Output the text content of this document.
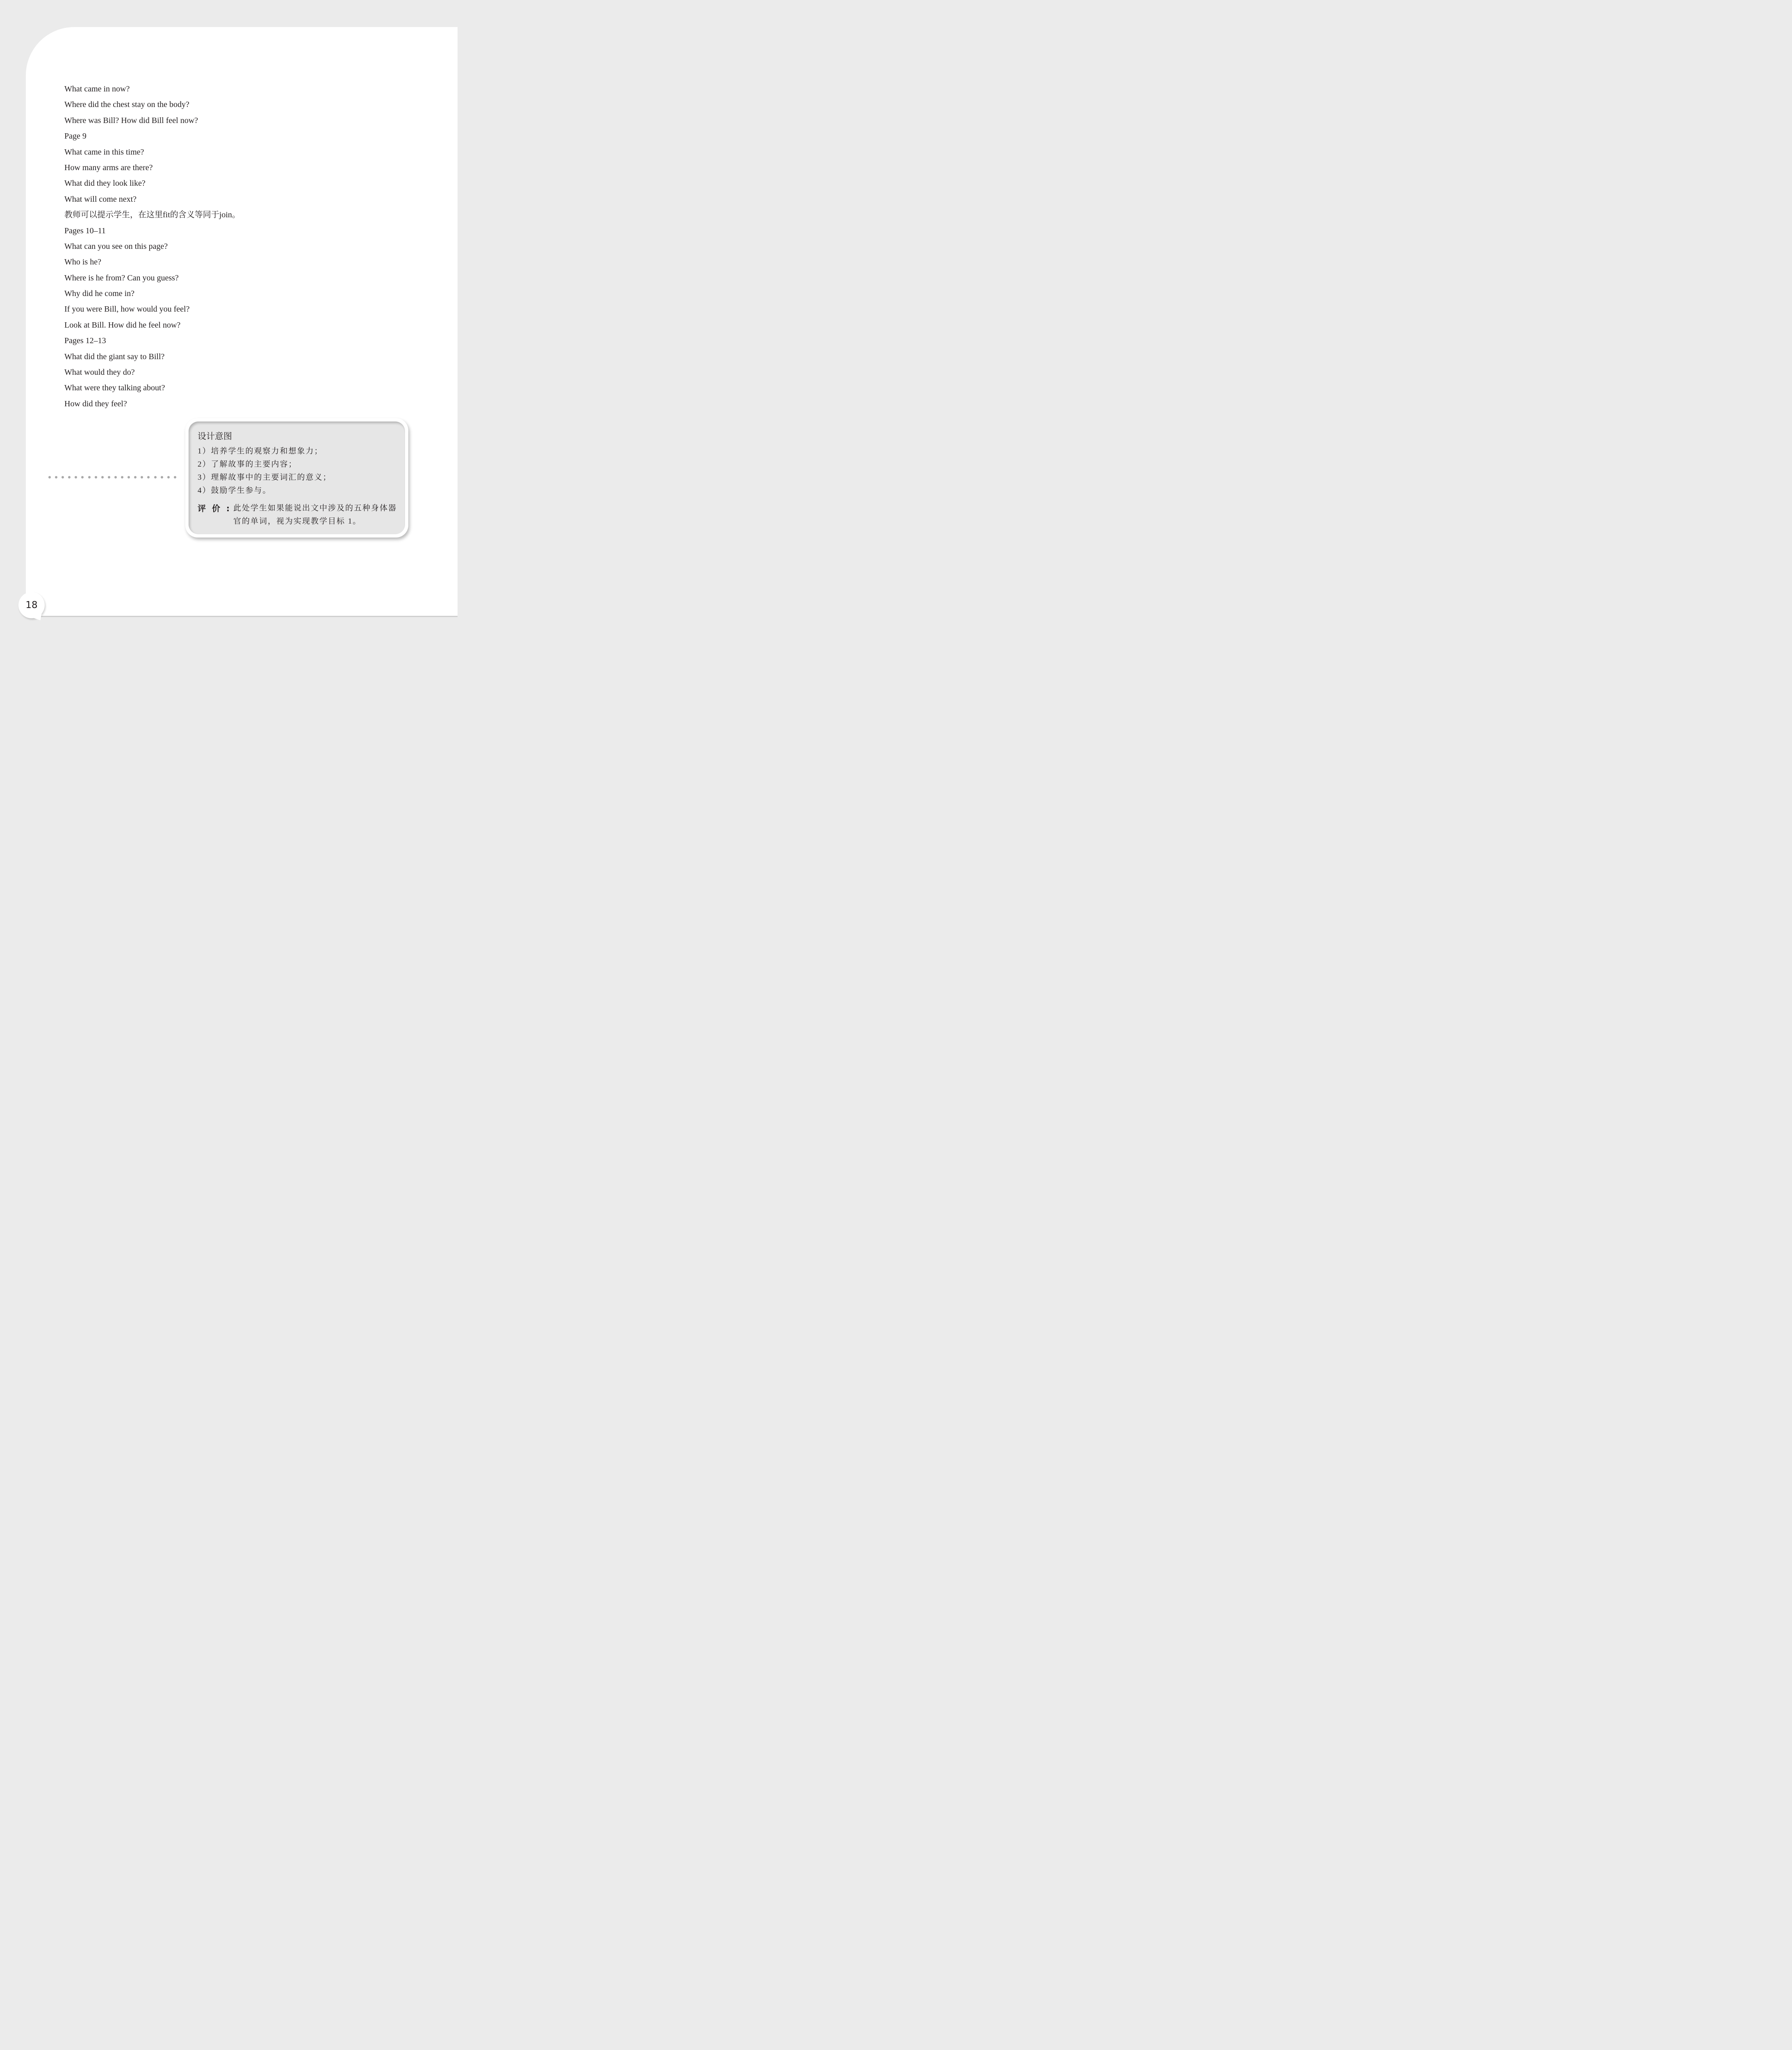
What came in now?
Where did the chest stay on the body?
Where was Bill? How did Bill feel now?
Page 9
What came in this time?
How many arms are there?
What did they look like?
What will come next?
教师可以提示学生，在这里fit的含义等同于join。
Pages 10–11
What can you see on this page?
Who is he?
Where is he from? Can you guess?
Why did he come in?
If you were Bill, how would you feel?
Look at Bill. How did he feel now?
Pages 12–13
What did the giant say to Bill?
What would they do?
What were they talking about?
How did they feel?
设计意图
1）培养学生的观察力和想象力；
2）了解故事的主要内容；
3）理解故事中的主要词汇的意义；
4）鼓励学生参与。
评价:
此处学生如果能说出文中涉及的五种身体器官的单词，视为实现教学目标 1。
18
